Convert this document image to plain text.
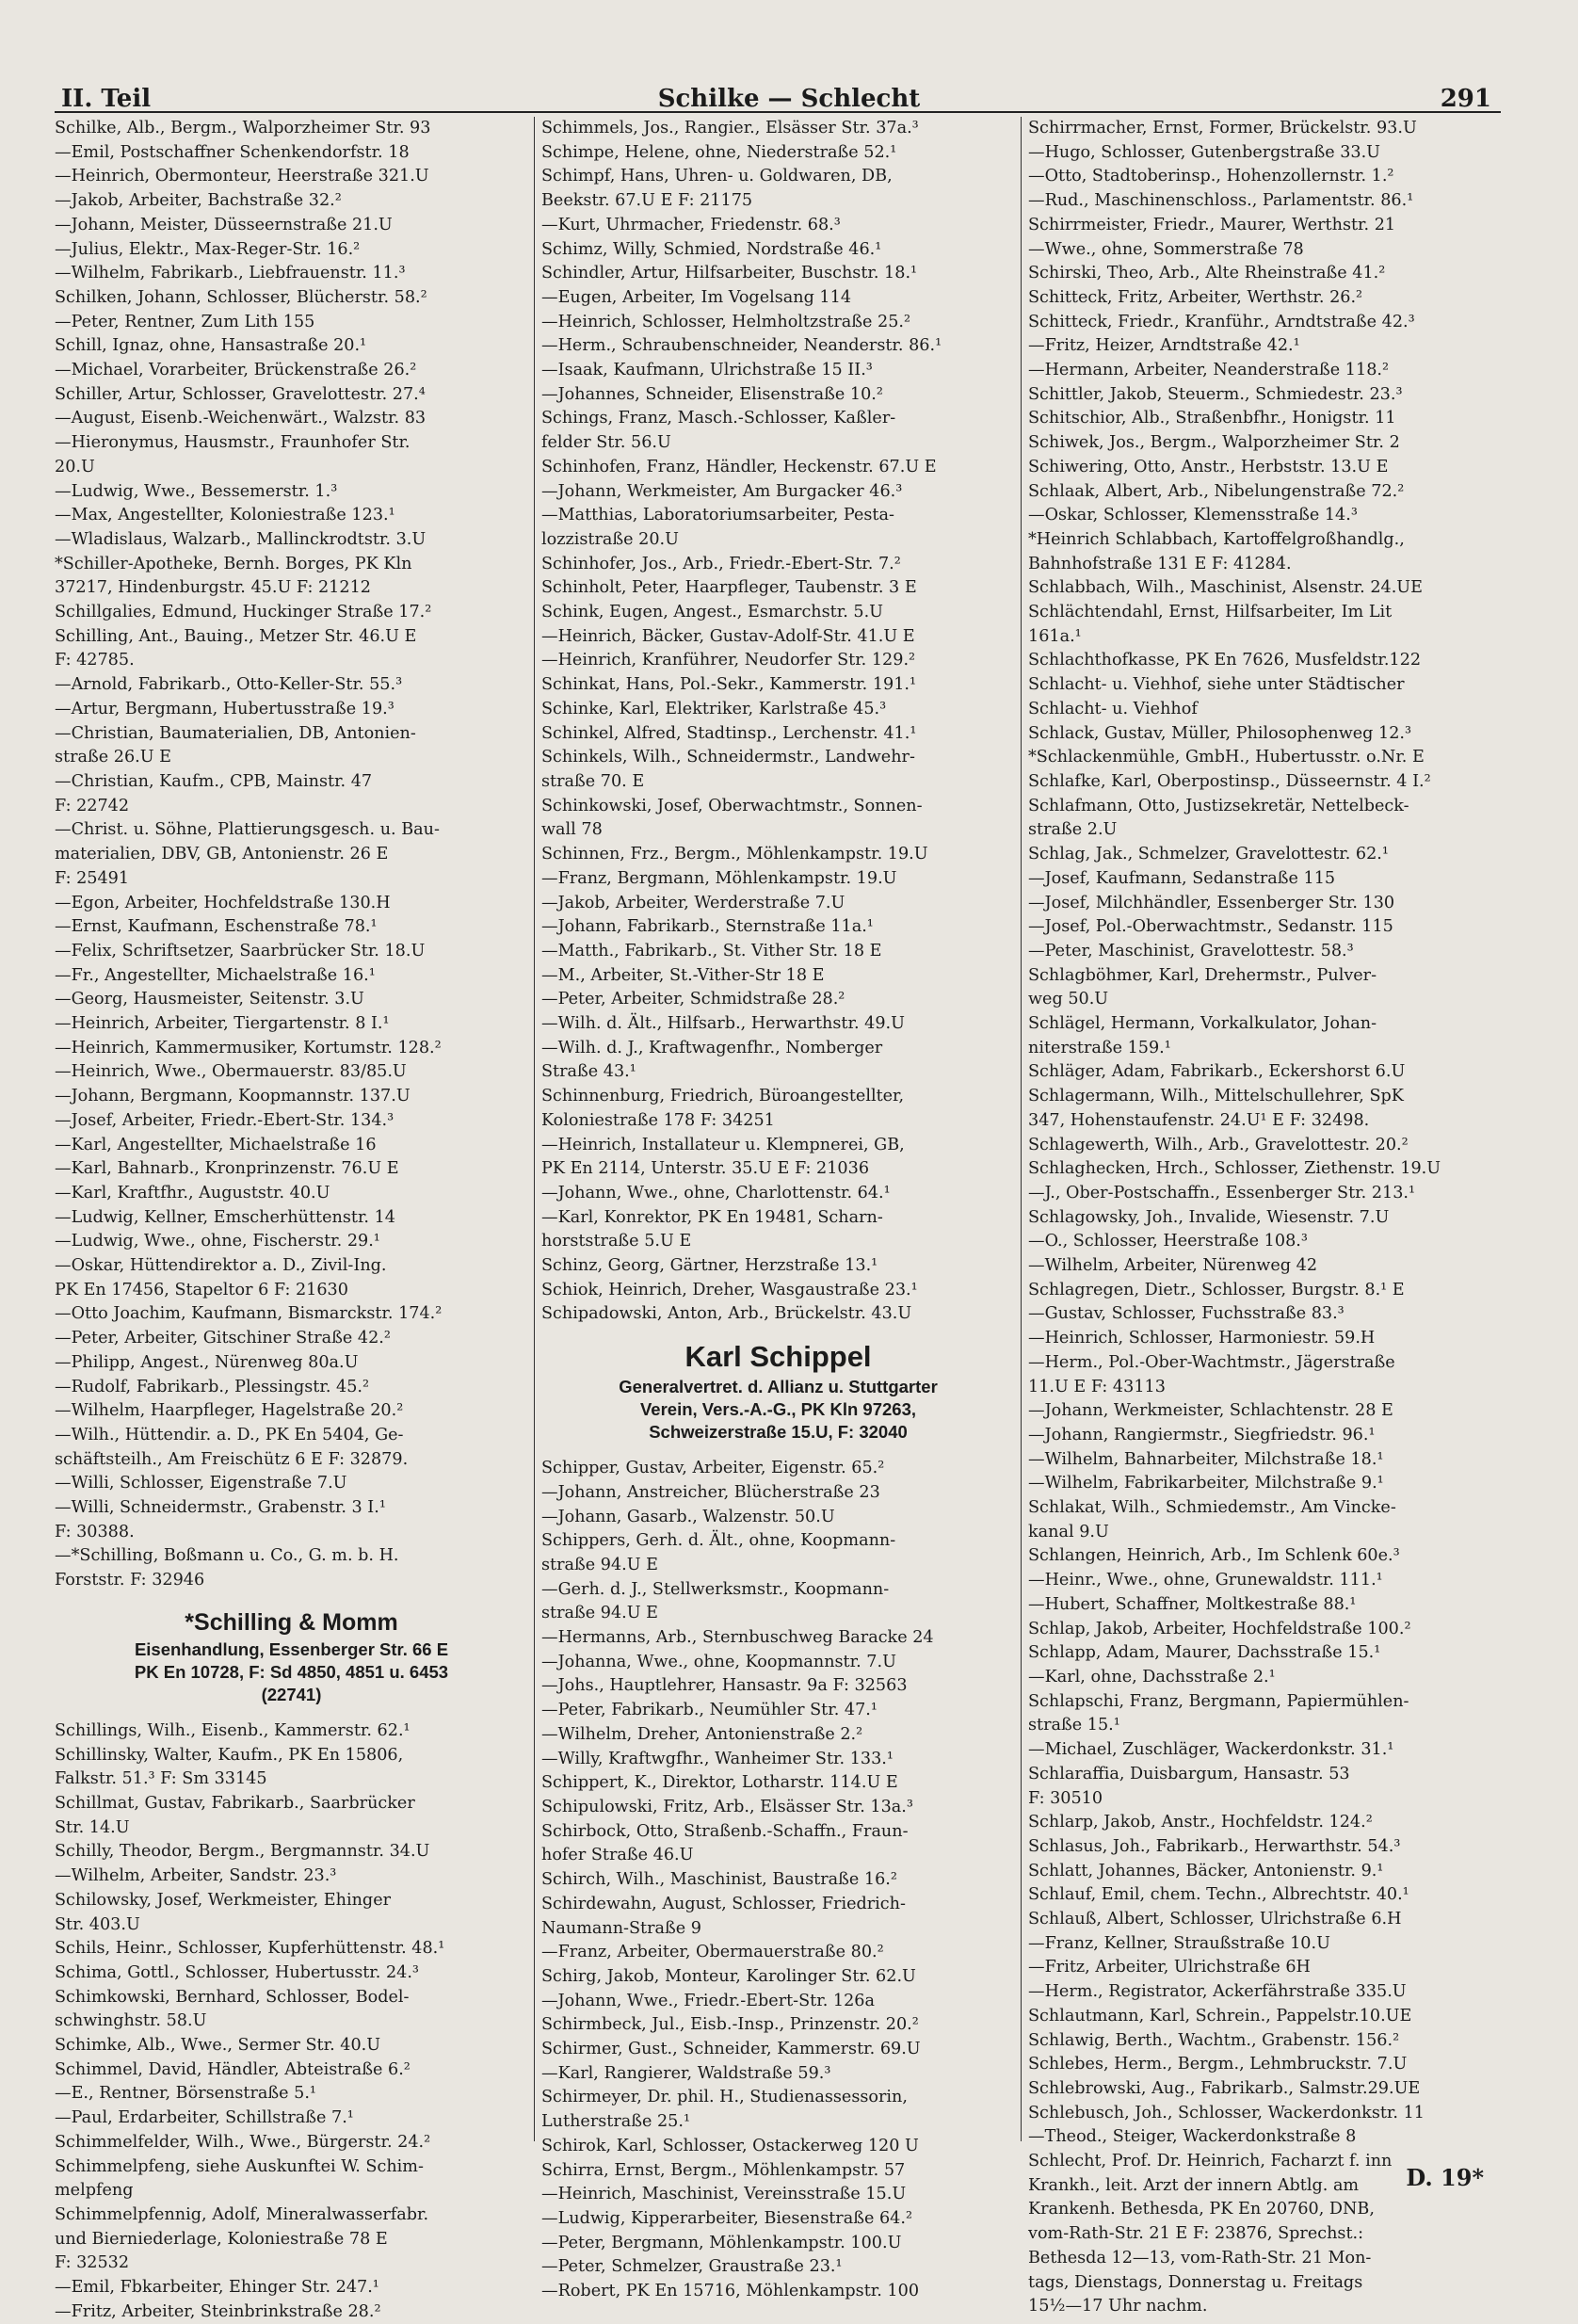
II. Teil	Schilke — Schlecht	291
Schilke, Alb., Bergm., Walporzheimer Str. 93
—Emil, Postschaffner Schenkendorfstr. 18
—Heinrich, Obermonteur, Heerstraße 321.U
—Jakob, Arbeiter, Bachstraße 32.²
—Johann, Meister, Düsseernstraße 21.U
—Julius, Elektr., Max-Reger-Str. 16.²
—Wilhelm, Fabrikarb., Liebfrauenstr. 11.³
Schilken, Johann, Schlosser, Blücherstr. 58.²
—Peter, Rentner, Zum Lith 155
Schill, Ignaz, ohne, Hansastraße 20.¹
—Michael, Vorarbeiter, Brückenstraße 26.²
Schiller, Artur, Schlosser, Gravelottestr. 27.⁴
—August, Eisenb.-Weichenwärt., Walzstr. 83
—Hieronymus, Hausmstr., Fraunhofer Str.
20.U
—Ludwig, Wwe., Bessemerstr. 1.³
—Max, Angestellter, Koloniestraße 123.¹
—Wladislaus, Walzarb., Mallinckrodtstr. 3.U
*Schiller-Apotheke, Bernh. Borges, PK Kln
37217, Hindenburgstr. 45.U F: 21212
Schillgalies, Edmund, Huckinger Straße 17.²
Schilling, Ant., Bauing., Metzer Str. 46.U E
F: 42785.
—Arnold, Fabrikarb., Otto-Keller-Str. 55.³
—Artur, Bergmann, Hubertusstraße 19.³
—Christian, Baumaterialien, DB, Antonien-
straße 26.U E
—Christian, Kaufm., CPB, Mainstr. 47
F: 22742
—Christ. u. Söhne, Plattierungsgesch. u. Bau-
materialien, DBV, GB, Antonienstr. 26 E
F: 25491
—Egon, Arbeiter, Hochfeldstraße 130.H
—Ernst, Kaufmann, Eschenstraße 78.¹
—Felix, Schriftsetzer, Saarbrücker Str. 18.U
—Fr., Angestellter, Michaelstraße 16.¹
—Georg, Hausmeister, Seitenstr. 3.U
—Heinrich, Arbeiter, Tiergartenstr. 8 I.¹
—Heinrich, Kammermusiker, Kortumstr. 128.²
—Heinrich, Wwe., Obermauerstr. 83/85.U
—Johann, Bergmann, Koopmannstr. 137.U
—Josef, Arbeiter, Friedr.-Ebert-Str. 134.³
—Karl, Angestellter, Michaelstraße 16
—Karl, Bahnarb., Kronprinzenstr. 76.U E
—Karl, Kraftfhr., Auguststr. 40.U
—Ludwig, Kellner, Emscherhüttenstr. 14
—Ludwig, Wwe., ohne, Fischerstr. 29.¹
—Oskar, Hüttendirektor a. D., Zivil-Ing.
PK En 17456, Stapeltor 6 F: 21630
—Otto Joachim, Kaufmann, Bismarckstr. 174.²
—Peter, Arbeiter, Gitschiner Straße 42.²
—Philipp, Angest., Nürenweg 80a.U
—Rudolf, Fabrikarb., Plessingstr. 45.²
—Wilhelm, Haarpfleger, Hagelstraße 20.²
—Wilh., Hüttendir. a. D., PK En 5404, Ge-
schäftsteilh., Am Freischütz 6 E F: 32879.
—Willi, Schlosser, Eigenstraße 7.U
—Willi, Schneidermstr., Grabenstr. 3 I.¹
F: 30388.
—*Schilling, Boßmann u. Co., G. m. b. H.
Forststr. F: 32946
*Schilling & Momm
Eisenhandlung, Essenberger Str. 66 E
PK En 10728, F: Sd 4850, 4851 u. 6453
(22741)
Schillings, Wilh., Eisenb., Kammerstr. 62.¹
Schillinsky, Walter, Kaufm., PK En 15806,
Falkstr. 51.³ F: Sm 33145
Schillmat, Gustav, Fabrikarb., Saarbrücker
Str. 14.U
Schilly, Theodor, Bergm., Bergmannstr. 34.U
—Wilhelm, Arbeiter, Sandstr. 23.³
Schilowsky, Josef, Werkmeister, Ehinger
Str. 403.U
Schils, Heinr., Schlosser, Kupferhüttenstr. 48.¹
Schima, Gottl., Schlosser, Hubertusstr. 24.³
Schimkowski, Bernhard, Schlosser, Bodel-
schwinghstr. 58.U
Schimke, Alb., Wwe., Sermer Str. 40.U
Schimmel, David, Händler, Abteistraße 6.²
—E., Rentner, Börsenstraße 5.¹
—Paul, Erdarbeiter, Schillstraße 7.¹
Schimmelfelder, Wilh., Wwe., Bürgerstr. 24.²
Schimmelpfeng, siehe Auskunftei W. Schim-
melpfeng
Schimmelpfennig, Adolf, Mineralwasserfabr.
und Bierniederlage, Koloniestraße 78 E
F: 32532
—Emil, Fbkarbeiter, Ehinger Str. 247.¹
—Fritz, Arbeiter, Steinbrinkstraße 28.²
Schimmels, Jos., Rangier., Elsässer Str. 37a.³
Schimpe, Helene, ohne, Niederstraße 52.¹
Schimpf, Hans, Uhren- u. Goldwaren, DB,
Beekstr. 67.U E F: 21175
—Kurt, Uhrmacher, Friedenstr. 68.³
Schimz, Willy, Schmied, Nordstraße 46.¹
Schindler, Artur, Hilfsarbeiter, Buschstr. 18.¹
—Eugen, Arbeiter, Im Vogelsang 114
—Heinrich, Schlosser, Helmholtzstraße 25.²
—Herm., Schraubenschneider, Neanderstr. 86.¹
—Isaak, Kaufmann, Ulrichstraße 15 II.³
—Johannes, Schneider, Elisenstraße 10.²
Schings, Franz, Masch.-Schlosser, Kaßler-
felder Str. 56.U
Schinhofen, Franz, Händler, Heckenstr. 67.U E
—Johann, Werkmeister, Am Burgacker 46.³
—Matthias, Laboratoriumsarbeiter, Pesta-
lozzistraße 20.U
Schinhofer, Jos., Arb., Friedr.-Ebert-Str. 7.²
Schinholt, Peter, Haarpfleger, Taubenstr. 3 E
Schink, Eugen, Angest., Esmarchstr. 5.U
—Heinrich, Bäcker, Gustav-Adolf-Str. 41.U E
—Heinrich, Kranführer, Neudorfer Str. 129.²
Schinkat, Hans, Pol.-Sekr., Kammerstr. 191.¹
Schinke, Karl, Elektriker, Karlstraße 45.³
Schinkel, Alfred, Stadtinsp., Lerchenstr. 41.¹
Schinkels, Wilh., Schneidermstr., Landwehr-
straße 70. E
Schinkowski, Josef, Oberwachtmstr., Sonnen-
wall 78
Schinnen, Frz., Bergm., Möhlenkampstr. 19.U
—Franz, Bergmann, Möhlenkampstr. 19.U
—Jakob, Arbeiter, Werderstraße 7.U
—Johann, Fabrikarb., Sternstraße 11a.¹
—Matth., Fabrikarb., St. Vither Str. 18 E
—M., Arbeiter, St.-Vither-Str 18 E
—Peter, Arbeiter, Schmidstraße 28.²
—Wilh. d. Ält., Hilfsarb., Herwarthstr. 49.U
—Wilh. d. J., Kraftwagenfhr., Nomberger
Straße 43.¹
Schinnenburg, Friedrich, Büroangestellter,
Koloniestraße 178 F: 34251
—Heinrich, Installateur u. Klempnerei, GB,
PK En 2114, Unterstr. 35.U E F: 21036
—Johann, Wwe., ohne, Charlottenstr. 64.¹
—Karl, Konrektor, PK En 19481, Scharn-
horststraße 5.U E
Schinz, Georg, Gärtner, Herzstraße 13.¹
Schiok, Heinrich, Dreher, Wasgaustraße 23.¹
Schipadowski, Anton, Arb., Brückelstr. 43.U
Karl Schippel
Generalvertret. d. Allianz u. Stuttgarter
Verein, Vers.-A.-G., PK Kln 97263,
Schweizerstraße 15.U, F: 32040
Schipper, Gustav, Arbeiter, Eigenstr. 65.²
—Johann, Anstreicher, Blücherstraße 23
—Johann, Gasarb., Walzenstr. 50.U
Schippers, Gerh. d. Ält., ohne, Koopmann-
straße 94.U E
—Gerh. d. J., Stellwerksmstr., Koopmann-
straße 94.U E
—Hermanns, Arb., Sternbuschweg Baracke 24
—Johanna, Wwe., ohne, Koopmannstr. 7.U
—Johs., Hauptlehrer, Hansastr. 9a F: 32563
—Peter, Fabrikarb., Neumühler Str. 47.¹
—Wilhelm, Dreher, Antonienstraße 2.²
—Willy, Kraftwgfhr., Wanheimer Str. 133.¹
Schippert, K., Direktor, Lotharstr. 114.U E
Schipulowski, Fritz, Arb., Elsässer Str. 13a.³
Schirbock, Otto, Straßenb.-Schaffn., Fraun-
hofer Straße 46.U
Schirch, Wilh., Maschinist, Baustraße 16.²
Schirdewahn, August, Schlosser, Friedrich-
Naumann-Straße 9
—Franz, Arbeiter, Obermauerstraße 80.²
Schirg, Jakob, Monteur, Karolinger Str. 62.U
—Johann, Wwe., Friedr.-Ebert-Str. 126a
Schirmbeck, Jul., Eisb.-Insp., Prinzenstr. 20.²
Schirmer, Gust., Schneider, Kammerstr. 69.U
—Karl, Rangierer, Waldstraße 59.³
Schirmeyer, Dr. phil. H., Studienassessorin,
Lutherstraße 25.¹
Schirok, Karl, Schlosser, Ostackerweg 120 U
Schirra, Ernst, Bergm., Möhlenkampstr. 57
—Heinrich, Maschinist, Vereinsstraße 15.U
—Ludwig, Kipperarbeiter, Biesenstraße 64.²
—Peter, Bergmann, Möhlenkampstr. 100.U
—Peter, Schmelzer, Graustraße 23.¹
—Robert, PK En 15716, Möhlenkampstr. 100
Schirrmacher, Ernst, Former, Brückelstr. 93.U
—Hugo, Schlosser, Gutenbergstraße 33.U
—Otto, Stadtoberinsp., Hohenzollernstr. 1.²
—Rud., Maschinenschloss., Parlamentstr. 86.¹
Schirrmeister, Friedr., Maurer, Werthstr. 21
—Wwe., ohne, Sommerstraße 78
Schirski, Theo, Arb., Alte Rheinstraße 41.²
Schitteck, Fritz, Arbeiter, Werthstr. 26.²
Schitteck, Friedr., Kranführ., Arndtstraße 42.³
—Fritz, Heizer, Arndtstraße 42.¹
—Hermann, Arbeiter, Neanderstraße 118.²
Schittler, Jakob, Steuerm., Schmiedestr. 23.³
Schitschior, Alb., Straßenbfhr., Honigstr. 11
Schiwek, Jos., Bergm., Walporzheimer Str. 2
Schiwering, Otto, Anstr., Herbststr. 13.U E
Schlaak, Albert, Arb., Nibelungenstraße 72.²
—Oskar, Schlosser, Klemensstraße 14.³
*Heinrich Schlabbach, Kartoffelgroßhandlg.,
Bahnhofstraße 131 E F: 41284.
Schlabbach, Wilh., Maschinist, Alsenstr. 24.UE
Schlächtendahl, Ernst, Hilfsarbeiter, Im Lit
161a.¹
Schlachthofkasse, PK En 7626, Musfeldstr.122
Schlacht- u. Viehhof, siehe unter Städtischer
Schlacht- u. Viehhof
Schlack, Gustav, Müller, Philosophenweg 12.³
*Schlackenmühle, GmbH., Hubertusstr. o.Nr. E
Schlafke, Karl, Oberpostinsp., Düsseernstr. 4 I.²
Schlafmann, Otto, Justizsekretär, Nettelbeck-
straße 2.U
Schlag, Jak., Schmelzer, Gravelottestr. 62.¹
—Josef, Kaufmann, Sedanstraße 115
—Josef, Milchhändler, Essenberger Str. 130
—Josef, Pol.-Oberwachtmstr., Sedanstr. 115
—Peter, Maschinist, Gravelottestr. 58.³
Schlagböhmer, Karl, Drehermstr., Pulver-
weg 50.U
Schlägel, Hermann, Vorkalkulator, Johan-
niterstraße 159.¹
Schläger, Adam, Fabrikarb., Eckershorst 6.U
Schlagermann, Wilh., Mittelschullehrer, SpK
347, Hohenstaufenstr. 24.U¹ E F: 32498.
Schlagewerth, Wilh., Arb., Gravelottestr. 20.²
Schlaghecken, Hrch., Schlosser, Ziethenstr. 19.U
—J., Ober-Postschaffn., Essenberger Str. 213.¹
Schlagowsky, Joh., Invalide, Wiesenstr. 7.U
—O., Schlosser, Heerstraße 108.³
—Wilhelm, Arbeiter, Nürenweg 42
Schlagregen, Dietr., Schlosser, Burgstr. 8.¹ E
—Gustav, Schlosser, Fuchsstraße 83.³
—Heinrich, Schlosser, Harmoniestr. 59.H
—Herm., Pol.-Ober-Wachtmstr., Jägerstraße
11.U E F: 43113
—Johann, Werkmeister, Schlachtenstr. 28 E
—Johann, Rangiermstr., Siegfriedstr. 96.¹
—Wilhelm, Bahnarbeiter, Milchstraße 18.¹
—Wilhelm, Fabrikarbeiter, Milchstraße 9.¹
Schlakat, Wilh., Schmiedemstr., Am Vincke-
kanal 9.U
Schlangen, Heinrich, Arb., Im Schlenk 60e.³
—Heinr., Wwe., ohne, Grunewaldstr. 111.¹
—Hubert, Schaffner, Moltkestraße 88.¹
Schlap, Jakob, Arbeiter, Hochfeldstraße 100.²
Schlapp, Adam, Maurer, Dachsstraße 15.¹
—Karl, ohne, Dachsstraße 2.¹
Schlapschi, Franz, Bergmann, Papiermühlen-
straße 15.¹
—Michael, Zuschläger, Wackerdonkstr. 31.¹
Schlaraffia, Duisbargum, Hansastr. 53
F: 30510
Schlarp, Jakob, Anstr., Hochfeldstr. 124.²
Schlasus, Joh., Fabrikarb., Herwarthstr. 54.³
Schlatt, Johannes, Bäcker, Antonienstr. 9.¹
Schlauf, Emil, chem. Techn., Albrechtstr. 40.¹
Schlauß, Albert, Schlosser, Ulrichstraße 6.H
—Franz, Kellner, Straußstraße 10.U
—Fritz, Arbeiter, Ulrichstraße 6H
—Herm., Registrator, Ackerfährstraße 335.U
Schlautmann, Karl, Schrein., Pappelstr.10.UE
Schlawig, Berth., Wachtm., Grabenstr. 156.²
Schlebes, Herm., Bergm., Lehmbruckstr. 7.U
Schlebrowski, Aug., Fabrikarb., Salmstr.29.UE
Schlebusch, Joh., Schlosser, Wackerdonkstr. 11
—Theod., Steiger, Wackerdonkstraße 8
Schlecht, Prof. Dr. Heinrich, Facharzt f. inn
Krankh., leit. Arzt der innern Abtlg. am
Krankenh. Bethesda, PK En 20760, DNB,
vom-Rath-Str. 21 E F: 23876, Sprechst.:
Bethesda 12—13, vom-Rath-Str. 21 Mon-
tags, Dienstags, Donnerstag u. Freitags
15½—17 Uhr nachm.
D. 19*
